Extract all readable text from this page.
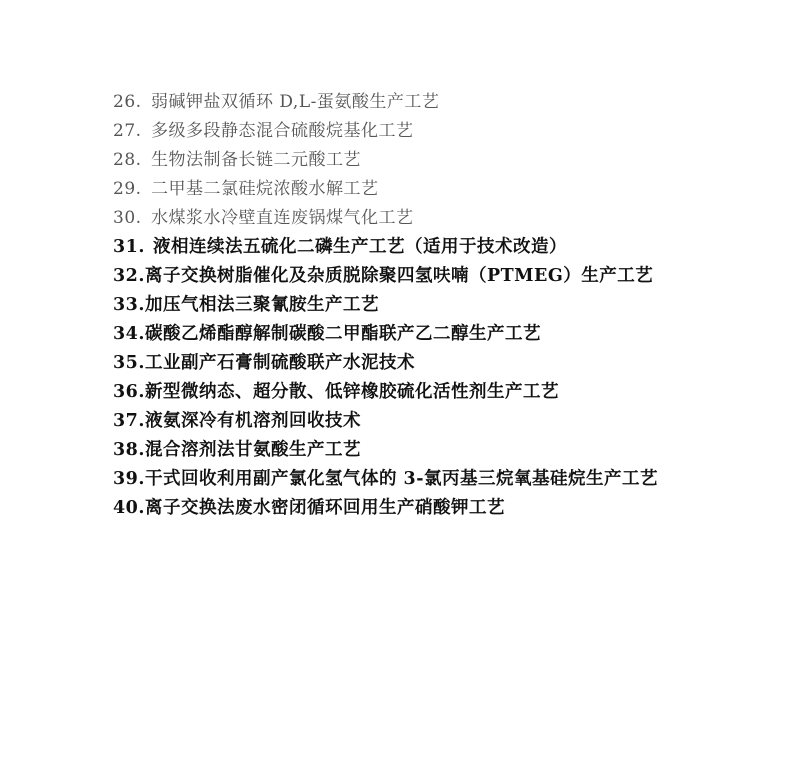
26. 弱碱钾盐双循环 D,L-蛋氨酸生产工艺
27. 多级多段静态混合硫酸烷基化工艺
28. 生物法制备长链二元酸工艺
29. 二甲基二氯硅烷浓酸水解工艺
30. 水煤浆水冷壁直连废锅煤气化工艺
31. 液相连续法五硫化二磷生产工艺（适用于技术改造）
32.离子交换树脂催化及杂质脱除聚四氢呋喃（PTMEG）生产工艺
33.加压气相法三聚氰胺生产工艺
34.碳酸乙烯酯醇解制碳酸二甲酯联产乙二醇生产工艺
35.工业副产石膏制硫酸联产水泥技术
36.新型微纳态、超分散、低锌橡胶硫化活性剂生产工艺
37.液氨深冷有机溶剂回收技术
38.混合溶剂法甘氨酸生产工艺
39.干式回收利用副产氯化氢气体的 3-氯丙基三烷氧基硅烷生产工艺
40.离子交换法废水密闭循环回用生产硝酸钾工艺
